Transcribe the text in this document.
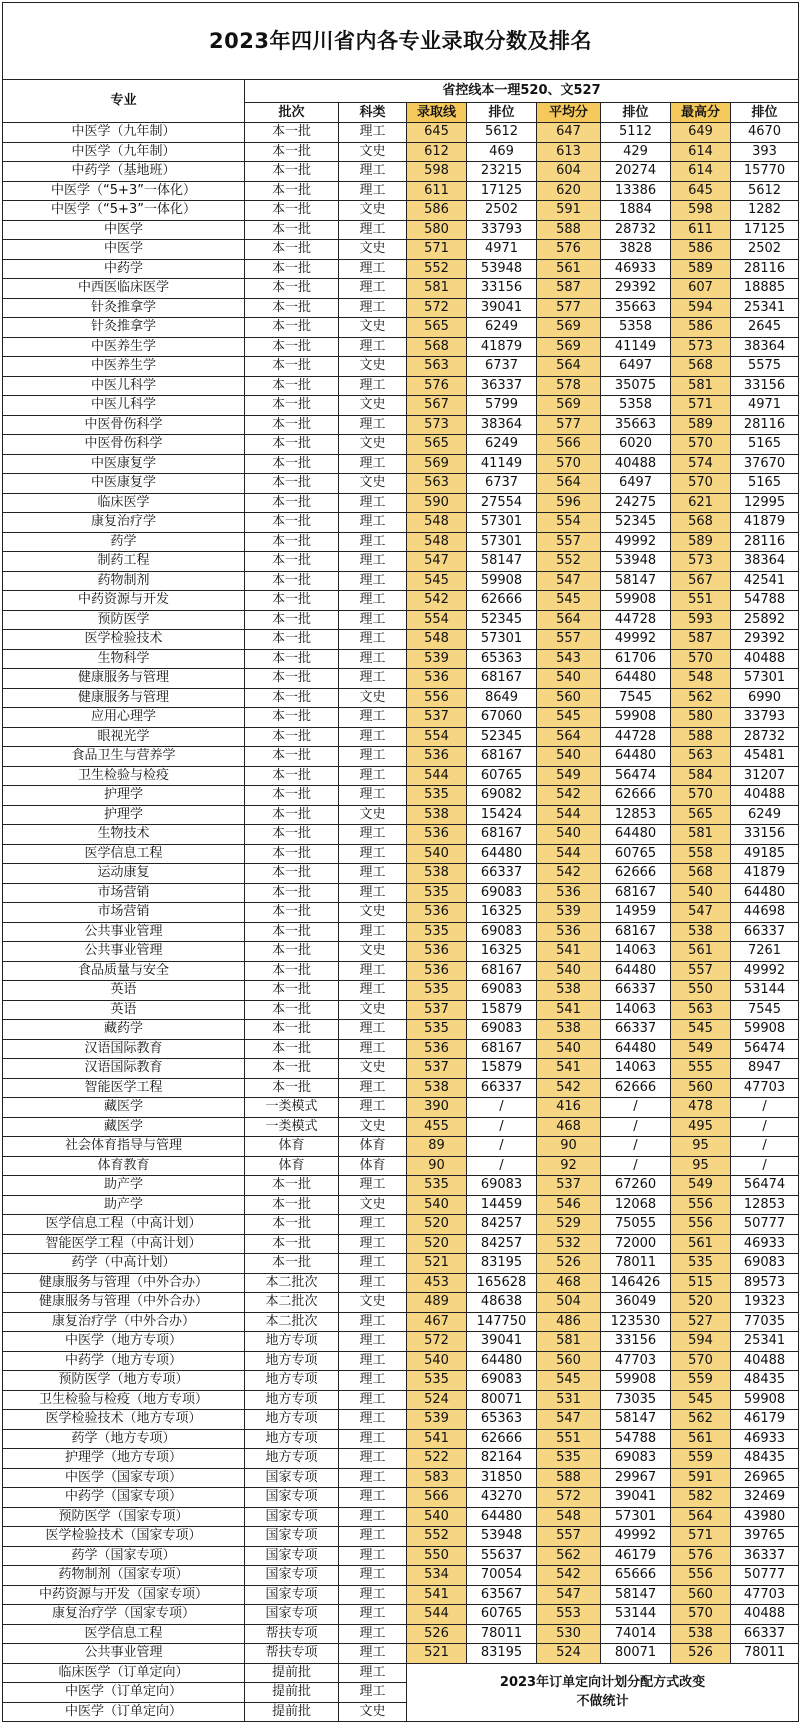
2023年四川省内各专业录取分数及排名								
专业	省控线本一理520、文527							
	批次	科类	录取线	排位	平均分	排位	最高分	排位
中医学（九年制）	本一批	理工	645	5612	647	5112	649	4670
中医学（九年制）	本一批	文史	612	469	613	429	614	393
中药学（基地班）	本一批	理工	598	23215	604	20274	614	15770
中医学（“5+3”一体化）	本一批	理工	611	17125	620	13386	645	5612
中医学（“5+3”一体化）	本一批	文史	586	2502	591	1884	598	1282
中医学	本一批	理工	580	33793	588	28732	611	17125
中医学	本一批	文史	571	4971	576	3828	586	2502
中药学	本一批	理工	552	53948	561	46933	589	28116
中西医临床医学	本一批	理工	581	33156	587	29392	607	18885
针灸推拿学	本一批	理工	572	39041	577	35663	594	25341
针灸推拿学	本一批	文史	565	6249	569	5358	586	2645
中医养生学	本一批	理工	568	41879	569	41149	573	38364
中医养生学	本一批	文史	563	6737	564	6497	568	5575
中医儿科学	本一批	理工	576	36337	578	35075	581	33156
中医儿科学	本一批	文史	567	5799	569	5358	571	4971
中医骨伤科学	本一批	理工	573	38364	577	35663	589	28116
中医骨伤科学	本一批	文史	565	6249	566	6020	570	5165
中医康复学	本一批	理工	569	41149	570	40488	574	37670
中医康复学	本一批	文史	563	6737	564	6497	570	5165
临床医学	本一批	理工	590	27554	596	24275	621	12995
康复治疗学	本一批	理工	548	57301	554	52345	568	41879
药学	本一批	理工	548	57301	557	49992	589	28116
制药工程	本一批	理工	547	58147	552	53948	573	38364
药物制剂	本一批	理工	545	59908	547	58147	567	42541
中药资源与开发	本一批	理工	542	62666	545	59908	551	54788
预防医学	本一批	理工	554	52345	564	44728	593	25892
医学检验技术	本一批	理工	548	57301	557	49992	587	29392
生物科学	本一批	理工	539	65363	543	61706	570	40488
健康服务与管理	本一批	理工	536	68167	540	64480	548	57301
健康服务与管理	本一批	文史	556	8649	560	7545	562	6990
应用心理学	本一批	理工	537	67060	545	59908	580	33793
眼视光学	本一批	理工	554	52345	564	44728	588	28732
食品卫生与营养学	本一批	理工	536	68167	540	64480	563	45481
卫生检验与检疫	本一批	理工	544	60765	549	56474	584	31207
护理学	本一批	理工	535	69082	542	62666	570	40488
护理学	本一批	文史	538	15424	544	12853	565	6249
生物技术	本一批	理工	536	68167	540	64480	581	33156
医学信息工程	本一批	理工	540	64480	544	60765	558	49185
运动康复	本一批	理工	538	66337	542	62666	568	41879
市场营销	本一批	理工	535	69083	536	68167	540	64480
市场营销	本一批	文史	536	16325	539	14959	547	44698
公共事业管理	本一批	理工	535	69083	536	68167	538	66337
公共事业管理	本一批	文史	536	16325	541	14063	561	7261
食品质量与安全	本一批	理工	536	68167	540	64480	557	49992
英语	本一批	理工	535	69083	538	66337	550	53144
英语	本一批	文史	537	15879	541	14063	563	7545
藏药学	本一批	理工	535	69083	538	66337	545	59908
汉语国际教育	本一批	理工	536	68167	540	64480	549	56474
汉语国际教育	本一批	文史	537	15879	541	14063	555	8947
智能医学工程	本一批	理工	538	66337	542	62666	560	47703
藏医学	一类模式	理工	390	/	416	/	478	/
藏医学	一类模式	文史	455	/	468	/	495	/
社会体育指导与管理	体育	体育	89	/	90	/	95	/
体育教育	体育	体育	90	/	92	/	95	/
助产学	本一批	理工	535	69083	537	67260	549	56474
助产学	本一批	文史	540	14459	546	12068	556	12853
医学信息工程（中高计划）	本一批	理工	520	84257	529	75055	556	50777
智能医学工程（中高计划）	本一批	理工	520	84257	532	72000	561	46933
药学（中高计划）	本一批	理工	521	83195	526	78011	535	69083
健康服务与管理（中外合办）	本二批次	理工	453	165628	468	146426	515	89573
健康服务与管理（中外合办）	本二批次	文史	489	48638	504	36049	520	19323
康复治疗学（中外合办）	本二批次	理工	467	147750	486	123530	527	77035
中医学（地方专项）	地方专项	理工	572	39041	581	33156	594	25341
中药学（地方专项）	地方专项	理工	540	64480	560	47703	570	40488
预防医学（地方专项）	地方专项	理工	535	69083	545	59908	559	48435
卫生检验与检疫（地方专项）	地方专项	理工	524	80071	531	73035	545	59908
医学检验技术（地方专项）	地方专项	理工	539	65363	547	58147	562	46179
药学（地方专项）	地方专项	理工	541	62666	551	54788	561	46933
护理学（地方专项）	地方专项	理工	522	82164	535	69083	559	48435
中医学（国家专项）	国家专项	理工	583	31850	588	29967	591	26965
中药学（国家专项）	国家专项	理工	566	43270	572	39041	582	32469
预防医学（国家专项）	国家专项	理工	540	64480	548	57301	564	43980
医学检验技术（国家专项）	国家专项	理工	552	53948	557	49992	571	39765
药学（国家专项）	国家专项	理工	550	55637	562	46179	576	36337
药物制剂（国家专项）	国家专项	理工	534	70054	542	65666	556	50777
中药资源与开发（国家专项）	国家专项	理工	541	63567	547	58147	560	47703
康复治疗学（国家专项）	国家专项	理工	544	60765	553	53144	570	40488
医学信息工程	帮扶专项	理工	526	78011	530	74014	538	66337
公共事业管理	帮扶专项	理工	521	83195	524	80071	526	78011
临床医学（订单定向）	提前批	理工	2023年订单定向计划分配方式改变
不做统计					

中医学（订单定向）	提前批	理工						
中医学（订单定向）	提前批	文史						
